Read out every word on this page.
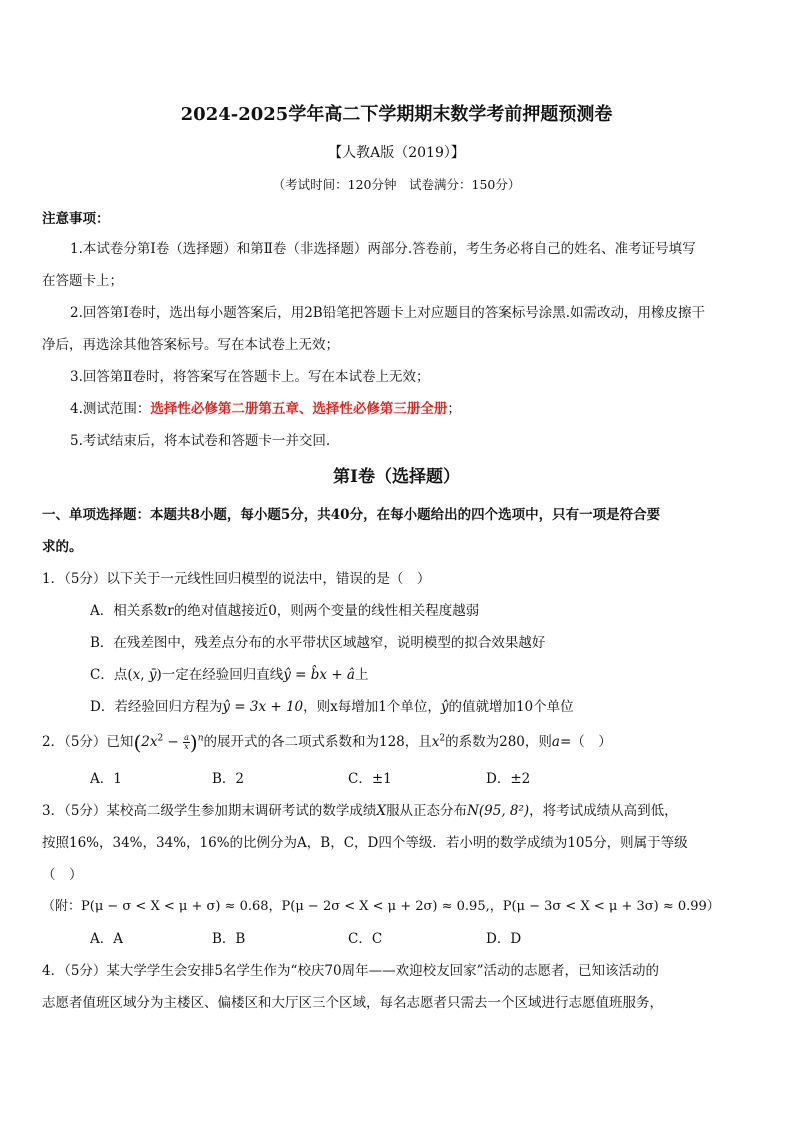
2024-2025学年高二下学期期末数学考前押题预测卷
【人教A版（2019）】
（考试时间：120分钟　试卷满分：150分）
注意事项：
1.本试卷分第Ⅰ卷（选择题）和第Ⅱ卷（非选择题）两部分.答卷前，考生务必将自己的姓名、准考证号填写
在答题卡上；
2.回答第Ⅰ卷时，选出每小题答案后，用2B铅笔把答题卡上对应题目的答案标号涂黑.如需改动，用橡皮擦干
净后，再选涂其他答案标号。写在本试卷上无效；
3.回答第Ⅱ卷时，将答案写在答题卡上。写在本试卷上无效；
4.测试范围：选择性必修第二册第五章、选择性必修第三册全册；
5.考试结束后，将本试卷和答题卡一并交回.
第Ⅰ卷（选择题）
一、单项选择题：本题共8小题，每小题5分，共40分，在每小题给出的四个选项中，只有一项是符合要
求的。
1．（5分）以下关于一元线性回归模型的说法中，错误的是（　）
A．相关系数r的绝对值越接近0，则两个变量的线性相关程度越弱
B．在残差图中，残差点分布的水平带状区域越窄，说明模型的拟合效果越好
C．点(x, ȳ)一定在经验回归直线ŷ = b̂x + â上
D．若经验回归方程为ŷ = 3x + 10，则x每增加1个单位，ŷ的值就增加10个单位
2．（5分）已知$(2x^2 - \frac{a}{x} )^n$的展开式的各二项式系数和为128，且$x^2$的系数为280，则a=（　）
A．1	B．2	C．±1	D．±2
3．（5分）某校高二级学生参加期末调研考试的数学成绩X服从正态分布N(95, 8²)，将考试成绩从高到低，
按照16%，34%，34%，16%的比例分为A，B，C，D四个等级．若小明的数学成绩为105分，则属于等级
（　）
（附：P(μ − σ < X < μ + σ) ≈ 0.68，P(μ − 2σ < X < μ + 2σ) ≈ 0.95,，P(μ − 3σ < X < μ + 3σ) ≈ 0.99）
A．A	B．B	C．C	D．D
4．（5分）某大学学生会安排5名学生作为“校庆70周年——欢迎校友回家”活动的志愿者，已知该活动的
志愿者值班区域分为主楼区、偏楼区和大厅区三个区域，每名志愿者只需去一个区域进行志愿值班服务，
